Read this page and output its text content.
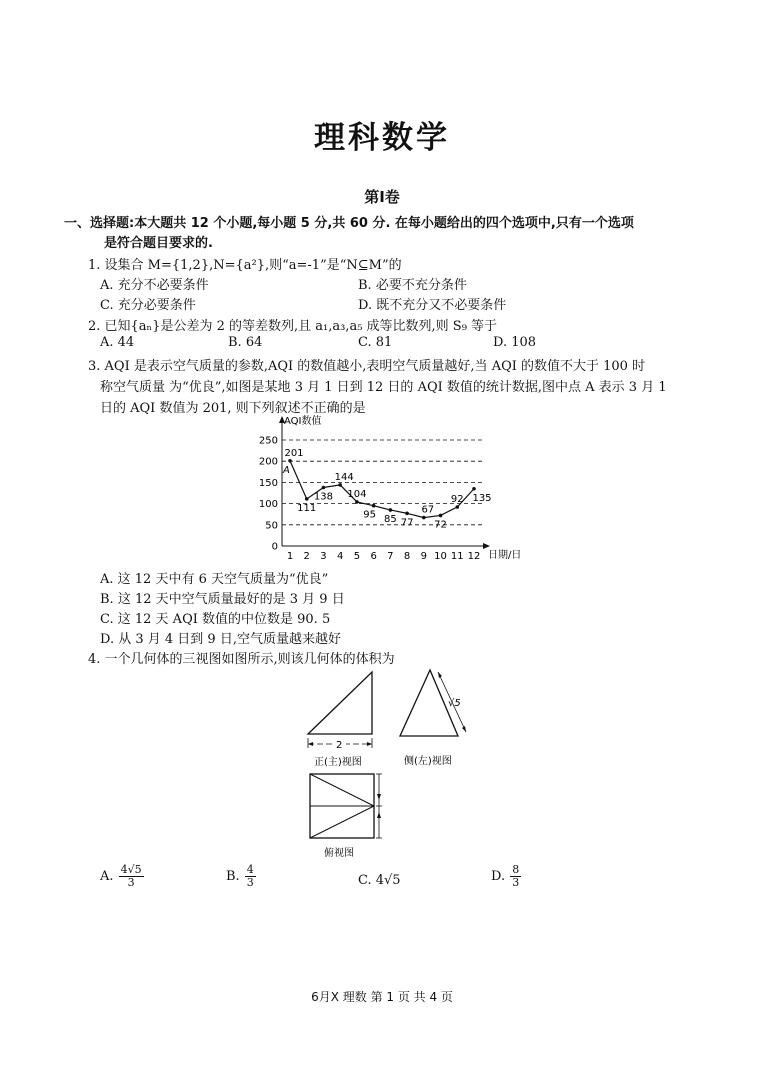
理科数学
第Ⅰ卷
一、选择题:本大题共 12 个小题,每小题 5 分,共 60 分. 在每小题给出的四个选项中,只有一个选项
是符合题目要求的.
1. 设集合 M={1,2},N={a²},则“a=-1”是“N⊆M”的
A. 充分不必要条件	B. 必要不充分条件
C. 充分必要条件	D. 既不充分又不必要条件
2. 已知{aₙ}是公差为 2 的等差数列,且 a₁,a₃,a₅ 成等比数列,则 S₉ 等于
A. 44	B. 64	C. 81	D. 108
3. AQI 是表示空气质量的参数,AQI 的数值越小,表明空气质量越好,当 AQI 的数值不大于 100 时
称空气质量 为“优良”,如图是某地 3 月 1 日到 12 日的 AQI 数值的统计数据,图中点 A 表示 3 月 1
日的 AQI 数值为 201, 则下列叙述不正确的是
0
50
100
150
200
250
1 2 3 4 5 6 7 8 9 10 11 12
201
111
138
144
104
95 85 77
67
72
92 135
AQI数值
日期/日
A
A. 这 12 天中有 6 天空气质量为“优良”
B. 这 12 天中空气质量最好的是 3 月 9 日
C. 这 12 天 AQI 数值的中位数是 90. 5
D. 从 3 月 4 日到 9 日,空气质量越来越好
4. 一个几何体的三视图如图所示,则该几何体的体积为
2
正(主)视图
√5
侧(左)视图
俯视图
A. $\frac{4√5}{3}$	B. $\frac{4}{3}$	C. 4√5	D. $\frac{8}{3}$
6月X 理数 第 1 页 共 4 页
